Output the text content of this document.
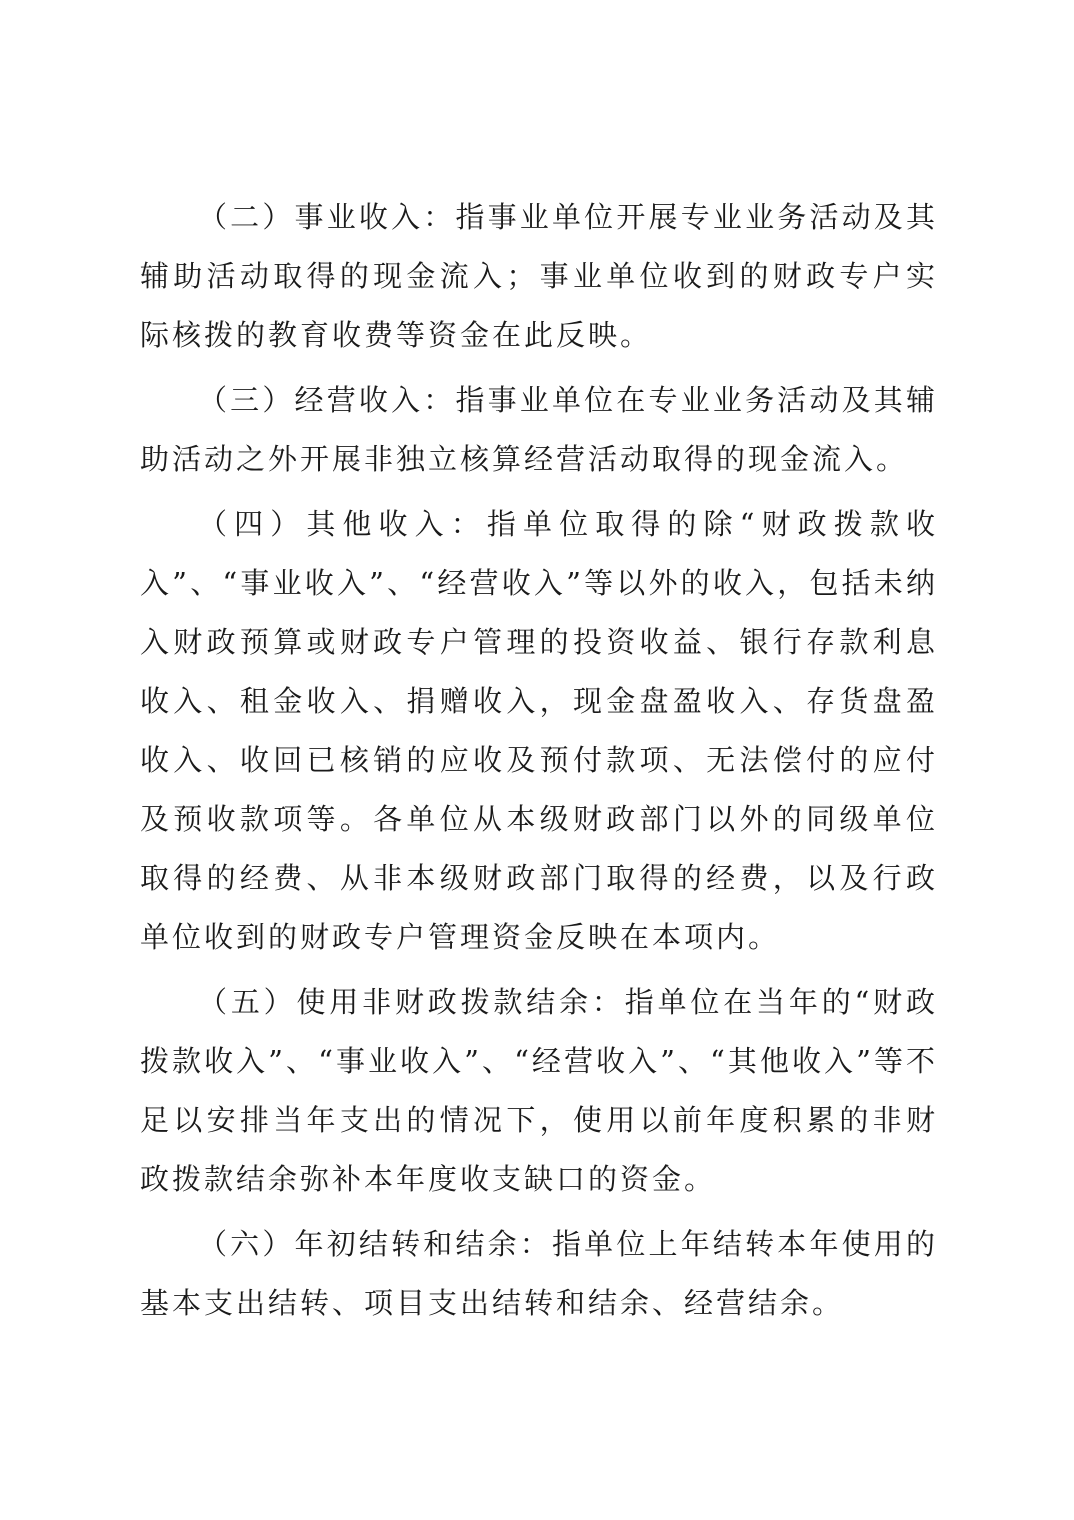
（二）事业收入：指事业单位开展专业业务活动及其辅助活动取得的现金流入；事业单位收到的财政专户实际核拨的教育收费等资金在此反映。

（三）经营收入：指事业单位在专业业务活动及其辅助活动之外开展非独立核算经营活动取得的现金流入。

（四）其他收入：指单位取得的除“财政拨款收入”、“事业收入”、“经营收入”等以外的收入，包括未纳入财政预算或财政专户管理的投资收益、银行存款利息收入、租金收入、捐赠收入，现金盘盈收入、存货盘盈收入、收回已核销的应收及预付款项、无法偿付的应付及预收款项等。各单位从本级财政部门以外的同级单位取得的经费、从非本级财政部门取得的经费，以及行政单位收到的财政专户管理资金反映在本项内。

（五）使用非财政拨款结余：指单位在当年的“财政拨款收入”、“事业收入”、“经营收入”、“其他收入”等不足以安排当年支出的情况下，使用以前年度积累的非财政拨款结余弥补本年度收支缺口的资金。

（六）年初结转和结余：指单位上年结转本年使用的基本支出结转、项目支出结转和结余、经营结余。
